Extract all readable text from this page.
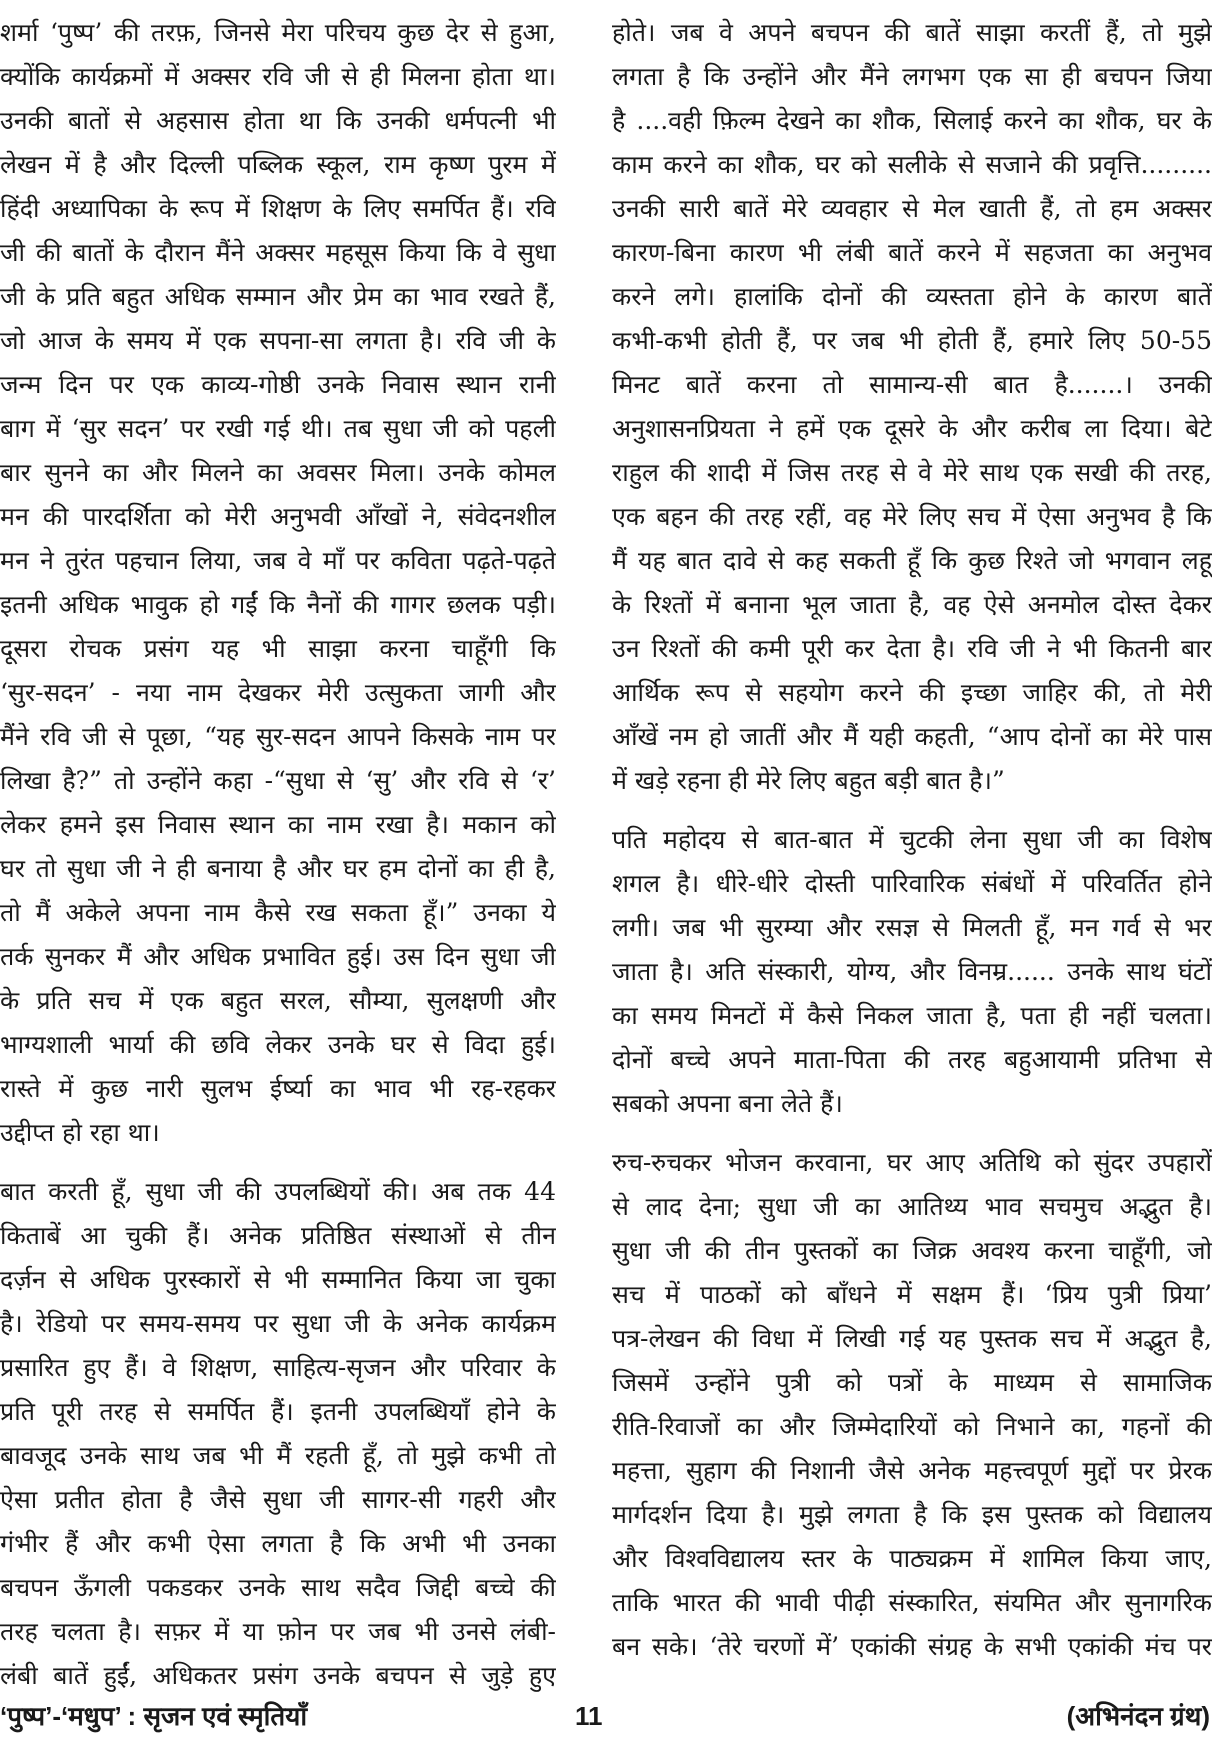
शर्मा ‘पुष्प’ की तरफ़, जिनसे मेरा परिचय कुछ देर से हुआ,
क्योंकि कार्यक्रमों में अक्सर रवि जी से ही मिलना होता था।
उनकी बातों से अहसास होता था कि उनकी धर्मपत्नी भी
लेखन में है और दिल्ली पब्लिक स्कूल, राम कृष्ण पुरम में
हिंदी अध्यापिका के रूप में शिक्षण के लिए समर्पित हैं। रवि
जी की बातों के दौरान मैंने अक्सर महसूस किया कि वे सुधा
जी के प्रति बहुत अधिक सम्मान और प्रेम का भाव रखते हैं,
जो आज के समय में एक सपना-सा लगता है। रवि जी के
जन्म दिन पर एक काव्य-गोष्ठी उनके निवास स्थान रानी
बाग में ‘सुर सदन’ पर रखी गई थी। तब सुधा जी को पहली
बार सुनने का और मिलने का अवसर मिला। उनके कोमल
मन की पारदर्शिता को मेरी अनुभवी आँखों ने, संवेदनशील
मन ने तुरंत पहचान लिया, जब वे माँ पर कविता पढ़ते-पढ़ते
इतनी अधिक भावुक हो गईं कि नैनों की गागर छलक पड़ी।
दूसरा रोचक प्रसंग यह भी साझा करना चाहूँगी कि
‘सुर-सदन’ - नया नाम देखकर मेरी उत्सुकता जागी और
मैंने रवि जी से पूछा, “यह सुर-सदन आपने किसके नाम पर
लिखा है?” तो उन्होंने कहा -“सुधा से ‘सु’ और रवि से ‘र’
लेकर हमने इस निवास स्थान का नाम रखा है। मकान को
घर तो सुधा जी ने ही बनाया है और घर हम दोनों का ही है,
तो मैं अकेले अपना नाम कैसे रख सकता हूँ।” उनका ये
तर्क सुनकर मैं और अधिक प्रभावित हुई। उस दिन सुधा जी
के प्रति सच में एक बहुत सरल, सौम्या, सुलक्षणी और
भाग्यशाली भार्या की छवि लेकर उनके घर से विदा हुई।
रास्ते में कुछ नारी सुलभ ईर्ष्या का भाव भी रह-रहकर
उद्दीप्त हो रहा था।
बात करती हूँ, सुधा जी की उपलब्धियों की। अब तक 44
किताबें आ चुकी हैं। अनेक प्रतिष्ठित संस्थाओं से तीन
दर्ज़न से अधिक पुरस्कारों से भी सम्मानित किया जा चुका
है। रेडियो पर समय-समय पर सुधा जी के अनेक कार्यक्रम
प्रसारित हुए हैं। वे शिक्षण, साहित्य-सृजन और परिवार के
प्रति पूरी तरह से समर्पित हैं। इतनी उपलब्धियाँ होने के
बावजूद उनके साथ जब भी मैं रहती हूँ, तो मुझे कभी तो
ऐसा प्रतीत होता है जैसे सुधा जी सागर-सी गहरी और
गंभीर हैं और कभी ऐसा लगता है कि अभी भी उनका
बचपन ऊँगली पकडकर उनके साथ सदैव जिद्दी बच्चे की
तरह चलता है। सफ़र में या फ़ोन पर जब भी उनसे लंबी-
लंबी बातें हुईं, अधिकतर प्रसंग उनके बचपन से जुड़े हुए
होते। जब वे अपने बचपन की बातें साझा करतीं हैं, तो मुझे
लगता है कि उन्होंने और मैंने लगभग एक सा ही बचपन जिया
है ....वही फ़िल्म देखने का शौक, सिलाई करने का शौक, घर के
काम करने का शौक, घर को सलीके से सजाने की प्रवृत्ति.........
उनकी सारी बातें मेरे व्यवहार से मेल खाती हैं, तो हम अक्सर
कारण-बिना कारण भी लंबी बातें करने में सहजता का अनुभव
करने लगे। हालांकि दोनों की व्यस्तता होने के कारण बातें
कभी-कभी होती हैं, पर जब भी होती हैं, हमारे लिए 50-55
मिनट बातें करना तो सामान्य-सी बात है.......। उनकी
अनुशासनप्रियता ने हमें एक दूसरे के और करीब ला दिया। बेटे
राहुल की शादी में जिस तरह से वे मेरे साथ एक सखी की तरह,
एक बहन की तरह रहीं, वह मेरे लिए सच में ऐसा अनुभव है कि
मैं यह बात दावे से कह सकती हूँ कि कुछ रिश्ते जो भगवान लहू
के रिश्तों में बनाना भूल जाता है, वह ऐसे अनमोल दोस्त देकर
उन रिश्तों की कमी पूरी कर देता है। रवि जी ने भी कितनी बार
आर्थिक रूप से सहयोग करने की इच्छा जाहिर की, तो मेरी
आँखें नम हो जातीं और मैं यही कहती, “आप दोनों का मेरे पास
में खड़े रहना ही मेरे लिए बहुत बड़ी बात है।”
पति महोदय से बात-बात में चुटकी लेना सुधा जी का विशेष
शगल है। धीरे-धीरे दोस्ती पारिवारिक संबंधों में परिवर्तित होने
लगी। जब भी सुरम्या और रसज्ञ से मिलती हूँ, मन गर्व से भर
जाता है। अति संस्कारी, योग्य, और विनम्र...... उनके साथ घंटों
का समय मिनटों में कैसे निकल जाता है, पता ही नहीं चलता।
दोनों बच्चे अपने माता-पिता की तरह बहुआयामी प्रतिभा से
सबको अपना बना लेते हैं।
रुच-रुचकर भोजन करवाना, घर आए अतिथि को सुंदर उपहारों
से लाद देना; सुधा जी का आतिथ्य भाव सचमुच अद्भुत है।
सुधा जी की तीन पुस्तकों का जिक्र अवश्य करना चाहूँगी, जो
सच में पाठकों को बाँधने में सक्षम हैं। ‘प्रिय पुत्री प्रिया’
पत्र-लेखन की विधा में लिखी गई यह पुस्तक सच में अद्भुत है,
जिसमें उन्होंने पुत्री को पत्रों के माध्यम से सामाजिक
रीति-रिवाजों का और जिम्मेदारियों को निभाने का, गहनों की
महत्ता, सुहाग की निशानी जैसे अनेक महत्त्वपूर्ण मुद्दों पर प्रेरक
मार्गदर्शन दिया है। मुझे लगता है कि इस पुस्तक को विद्यालय
और विश्वविद्यालय स्तर के पाठ्यक्रम में शामिल किया जाए,
ताकि भारत की भावी पीढ़ी संस्कारित, संयमित और सुनागरिक
बन सके। ‘तेरे चरणों में’ एकांकी संग्रह के सभी एकांकी मंच पर
‘पुष्प’-‘मधुप’ : सृजन एवं स्मृतियाँ	11	(अभिनंदन ग्रंथ)
